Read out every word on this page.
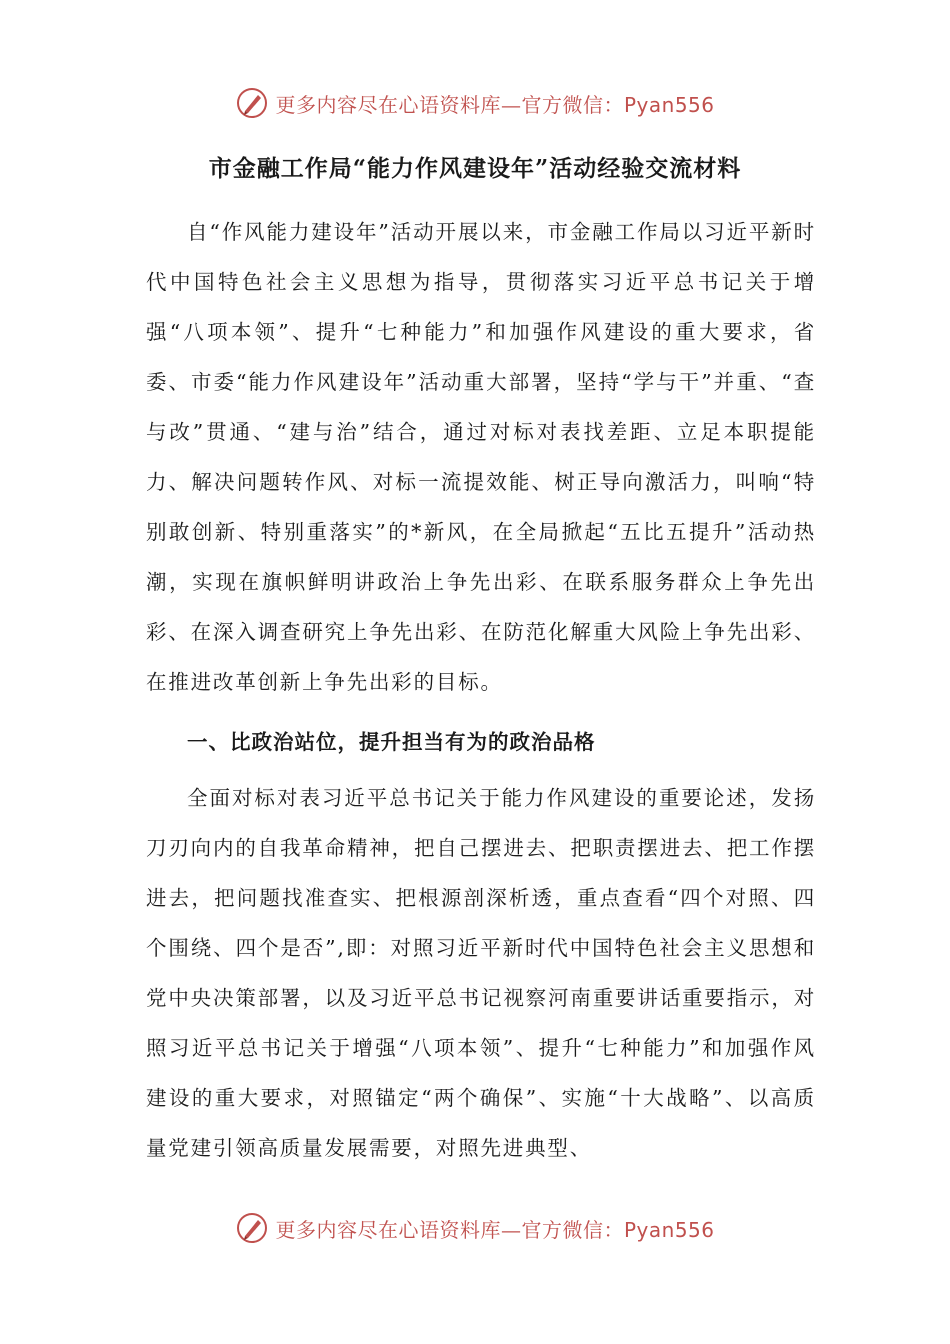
更多内容尽在心语资料库—官方微信：Pyan556
市金融工作局“能力作风建设年”活动经验交流材料

自“作风能力建设年”活动开展以来，市金融工作局以习近平新时代中国特色社会主义思想为指导，贯彻落实习近平总书记关于增强“八项本领”、提升“七种能力”和加强作风建设的重大要求，省委、市委“能力作风建设年”活动重大部署，坚持“学与干”并重、“查与改”贯通、“建与治”结合，通过对标对表找差距、立足本职提能力、解决问题转作风、对标一流提效能、树正导向激活力，叫响“特别敢创新、特别重落实”的*新风，在全局掀起“五比五提升”活动热潮，实现在旗帜鲜明讲政治上争先出彩、在联系服务群众上争先出彩、在深入调查研究上争先出彩、在防范化解重大风险上争先出彩、在推进改革创新上争先出彩的目标。

一、比政治站位，提升担当有为的政治品格

全面对标对表习近平总书记关于能力作风建设的重要论述，发扬刀刃向内的自我革命精神，把自己摆进去、把职责摆进去、把工作摆进去，把问题找准查实、把根源剖深析透，重点查看“四个对照、四个围绕、四个是否”,即：对照习近平新时代中国特色社会主义思想和党中央决策部署，以及习近平总书记视察河南重要讲话重要指示，对照习近平总书记关于增强“八项本领”、提升“七种能力”和加强作风建设的重大要求，对照锚定“两个确保”、实施“十大战略”、以高质量党建引领高质量发展需要，对照先进典型、

更多内容尽在心语资料库—官方微信：Pyan556
